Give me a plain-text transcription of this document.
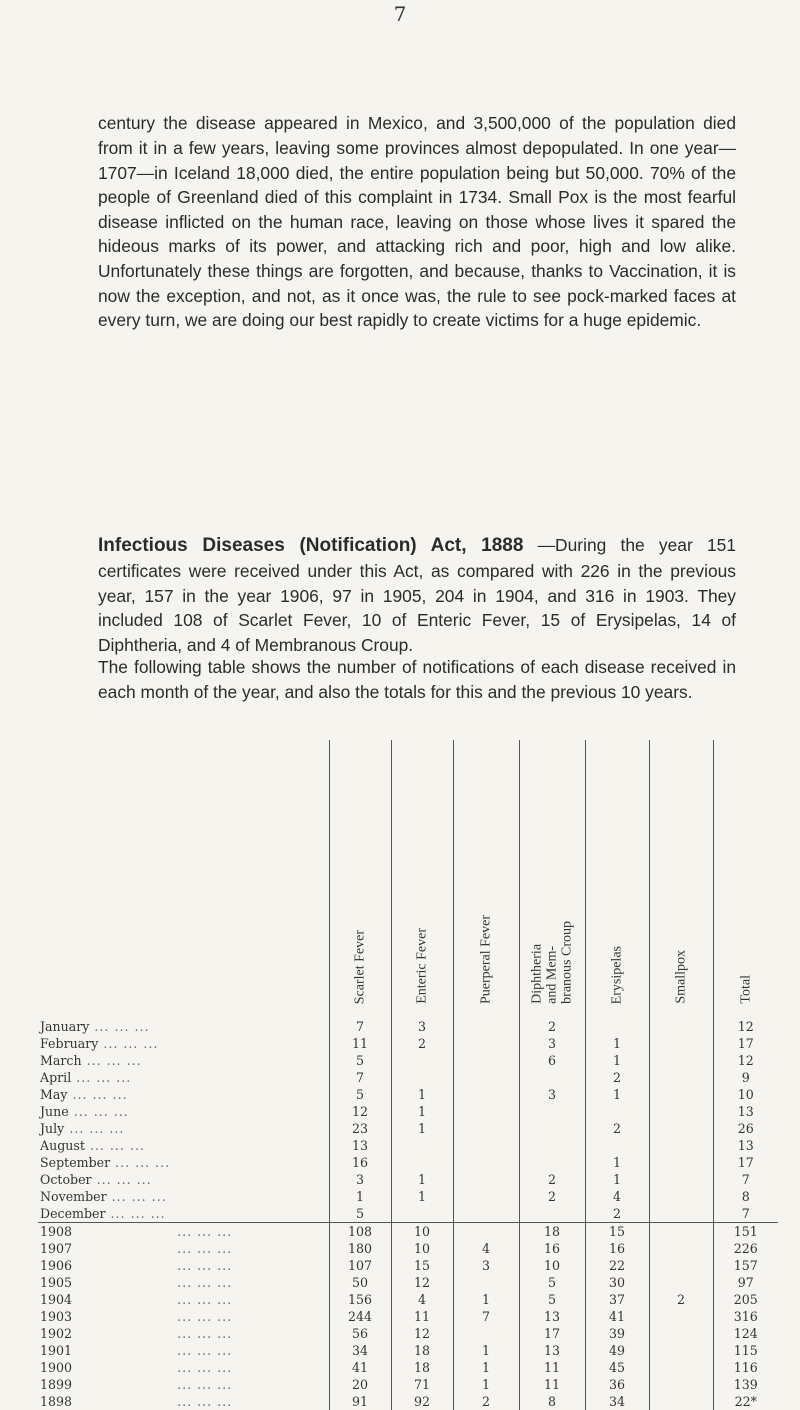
7

century the disease appeared in Mexico, and 3,500,000 of the population died from it in a few years, leaving some provinces almost depopulated. In one year—1707—in Iceland 18,000 died, the entire population being but 50,000. 70% of the people of Greenland died of this complaint in 1734. Small Pox is the most fearful disease inflicted on the human race, leaving on those whose lives it spared the hideous marks of its power, and attacking rich and poor, high and low alike. Unfortunately these things are forgotten, and because, thanks to Vaccination, it is now the exception, and not, as it once was, the rule to see pock-marked faces at every turn, we are doing our best rapidly to create victims for a huge epidemic.

Infectious Diseases (Notification) Act, 1888 —During the year 151 certificates were received under this Act, as compared with 226 in the previous year, 157 in the year 1906, 97 in 1905, 204 in 1904, and 316 in 1903. They included 108 of Scarlet Fever, 10 of Enteric Fever, 15 of Erysipelas, 14 of Diphtheria, and 4 of Membranous Croup.

The following table shows the number of notifications of each disease received in each month of the year, and also the totals for this and the previous 10 years.

	Scarlet Fever	Enteric Fever	Puerperal Fever	Diphtheria
and Mem-
branous Croup	Erysipelas	Smallpox	Total

January ... ... ...	7	3		2			12
February ... ... ...	11	2		3	1		17
March ... ... ...	5			6	1		12
April ... ... ...	7				2		9
May ... ... ...	5	1		3	1		10
June ... ... ...	12	1					13
July ... ... ...	23	1			2		26
August ... ... ...	13						13
September ... ... ...	16				1		17
October ... ... ...	3	1		2	1		7
November ... ... ...	1	1		2	4		8
December ... ... ...	5				2		7
1908                     ... ... ...	108	10		18	15		151
1907                     ... ... ...	180	10	4	16	16		226
1906                     ... ... ...	107	15	3	10	22		157
1905                     ... ... ...	50	12		5	30		97
1904                     ... ... ...	156	4	1	5	37	2	205
1903                     ... ... ...	244	11	7	13	41		316
1902                     ... ... ...	56	12		17	39		124
1901                     ... ... ...	34	18	1	13	49		115
1900                     ... ... ...	41	18	1	11	45		116
1899                     ... ... ...	20	71	1	11	36		139
1898                     ... ... ...	91	92	2	8	34		22*
